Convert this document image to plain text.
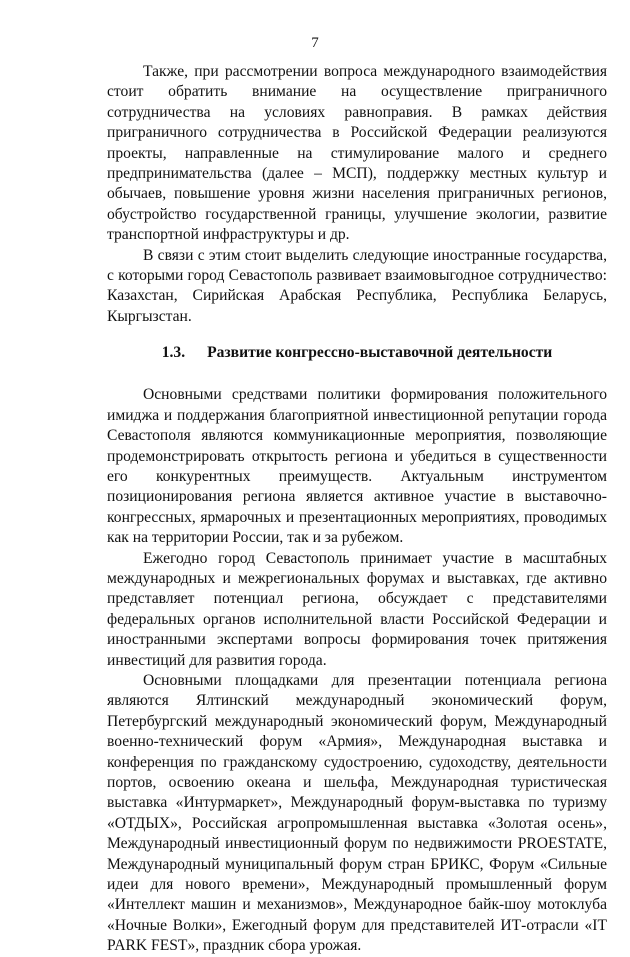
7

Также, при рассмотрении вопроса международного взаимодействия стоит обратить внимание на осуществление приграничного сотрудничества на условиях равноправия. В рамках действия приграничного сотрудничества в Российской Федерации реализуются проекты, направленные на стимулирование малого и среднего предпринимательства (далее – МСП), поддержку местных культур и обычаев, повышение уровня жизни населения приграничных регионов, обустройство государственной границы, улучшение экологии, развитие транспортной инфраструктуры и др.

В связи с этим стоит выделить следующие иностранные государства, с которыми город Севастополь развивает взаимовыгодное сотрудничество: Казахстан, Сирийская Арабская Республика, Республика Беларусь, Кыргызстан.

1.3. Развитие конгрессно-выставочной деятельности

Основными средствами политики формирования положительного имиджа и поддержания благоприятной инвестиционной репутации города Севастополя являются коммуникационные мероприятия, позволяющие продемонстрировать открытость региона и убедиться в существенности его конкурентных преимуществ. Актуальным инструментом позиционирования региона является активное участие в выставочно-конгрессных, ярмарочных и презентационных мероприятиях, проводимых как на территории России, так и за рубежом.

Ежегодно город Севастополь принимает участие в масштабных международных и межрегиональных форумах и выставках, где активно представляет потенциал региона, обсуждает с представителями федеральных органов исполнительной власти Российской Федерации и иностранными экспертами вопросы формирования точек притяжения инвестиций для развития города.

Основными площадками для презентации потенциала региона являются Ялтинский международный экономический форум, Петербургский международный экономический форум, Международный военно-технический форум «Армия», Международная выставка и конференция по гражданскому судостроению, судоходству, деятельности портов, освоению океана и шельфа, Международная туристическая выставка «Интурмаркет», Международный форум-выставка по туризму «ОТДЫХ», Российская агропромышленная выставка «Золотая осень», Международный инвестиционный форум по недвижимости PROESTATE, Международный муниципальный форум стран БРИКС, Форум «Сильные идеи для нового времени», Международный промышленный форум «Интеллект машин и механизмов», Международное байк-шоу мотоклуба «Ночные Волки», Ежегодный форум для представителей ИТ-отрасли «IT PARK FEST», праздник сбора урожая.
